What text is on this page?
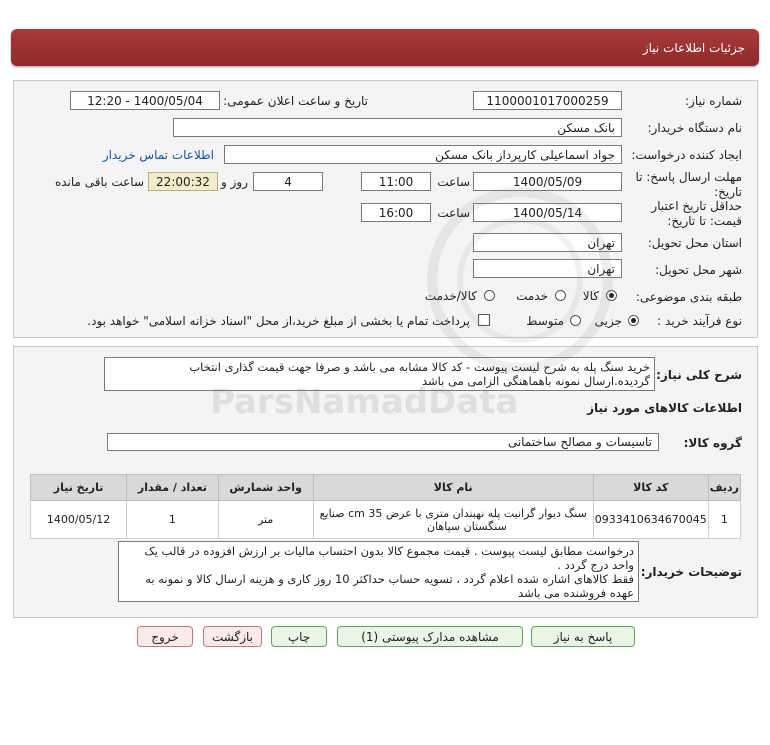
جزئیات اطلاعات نیاز
شماره نیاز:
1100001017000259
تاریخ و ساعت اعلان عمومی:
1400/05/04 - 12:20
نام دستگاه خریدار:
بانک مسکن
ایجاد کننده درخواست:
جواد اسماعیلی کارپرداز بانک مسکن
اطلاعات تماس خریدار
مهلت ارسال پاسخ: تا
تاریخ:
1400/05/09
ساعت
11:00
4
روز و
22:00:32
ساعت باقی مانده
حداقل تاریخ اعتبار
قیمت: تا تاریخ:
1400/05/14
ساعت
16:00
استان محل تحویل:
تهران
شهر محل تحویل:
تهران
طبقه بندی موضوعی:
کالا
خدمت
کالا/خدمت
نوع فرآیند خرید :
جزیی
متوسط
پرداخت تمام یا بخشی از مبلغ خرید،از محل "اسناد خزانه اسلامی" خواهد بود.
شرح کلی نیاز:
خرید سنگ پله به شرح لیست پیوست - کد کالا مشابه می باشد و صرفا جهت قیمت گذاری انتخاب
گردیده.ارسال نمونه باهماهنگی الزامی می باشد
اطلاعات کالاهای مورد نیاز
گروه کالا:
تاسیسات و مصالح ساختمانی
ردیف	کد کالا	نام کالا	واحد شمارش	تعداد / مقدار	تاریخ نیاز
1	0933410634670045	سنگ دیوار گرانیت پله نهبندان متری با عرض 35 cm صنایع
سنگستان سپاهان	متر	1	1400/05/12
توضیحات خریدار:
درخواست مطابق لیست پیوست . قیمت مجموع کالا بدون احتساب مالیات بر ارزش افزوده در قالب یک
واحد درج گردد .
فقط کالاهای اشاره شده اعلام گردد ، تسویه حساب حداکثر 10 روز کاری و هزینه ارسال کالا و نمونه به
عهده فروشنده می باشد
پاسخ به نیاز
مشاهده مدارک پیوستی (1)
چاپ
بازگشت
خروج
